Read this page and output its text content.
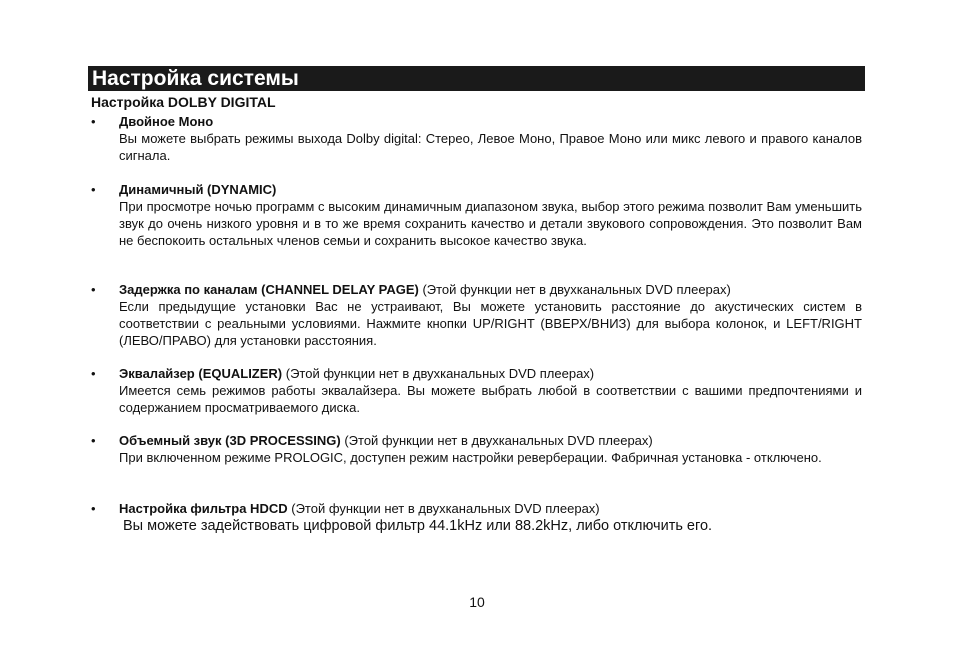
Настройка системы
Настройка DOLBY DIGITAL
• Двойное Моно
Вы можете выбрать режимы выхода Dolby digital: Стерео, Левое Моно, Правое Моно или микс левого и правого каналов сигнала.
• Динамичный (DYNAMIC)
При просмотре ночью программ с высоким динамичным диапазоном звука, выбор этого режима позволит Вам уменьшить звук до очень низкого уровня и в то же время сохранить качество и детали звукового сопровождения. Это позволит Вам не беспокоить остальных членов семьи и сохранить высокое качество звука.
• Задержка по каналам (CHANNEL DELAY PAGE) (Этой функции нет в двухканальных DVD плеерах)
Если предыдущие установки Вас не устраивают, Вы можете установить расстояние до акустических систем в соответствии с реальными условиями. Нажмите кнопки UP/RIGHT (ВВЕРХ/ВНИЗ) для выбора колонок, и LEFT/RIGHT (ЛЕВО/ПРАВО) для установки расстояния.
• Эквалайзер (EQUALIZER) (Этой функции нет в двухканальных DVD плеерах)
Имеется семь режимов работы эквалайзера. Вы можете выбрать любой в соответствии с вашими предпочтениями и содержанием просматриваемого диска.
• Объемный звук (3D PROCESSING) (Этой функции нет в двухканальных DVD плеерах)
При включенном режиме PROLOGIC, доступен режим настройки реверберации. Фабричная установка - отключено.
• Настройка фильтра HDCD (Этой функции нет в двухканальных DVD плеерах)
Вы можете задействовать цифровой фильтр 44.1kHz или 88.2kHz, либо отключить его.
10
